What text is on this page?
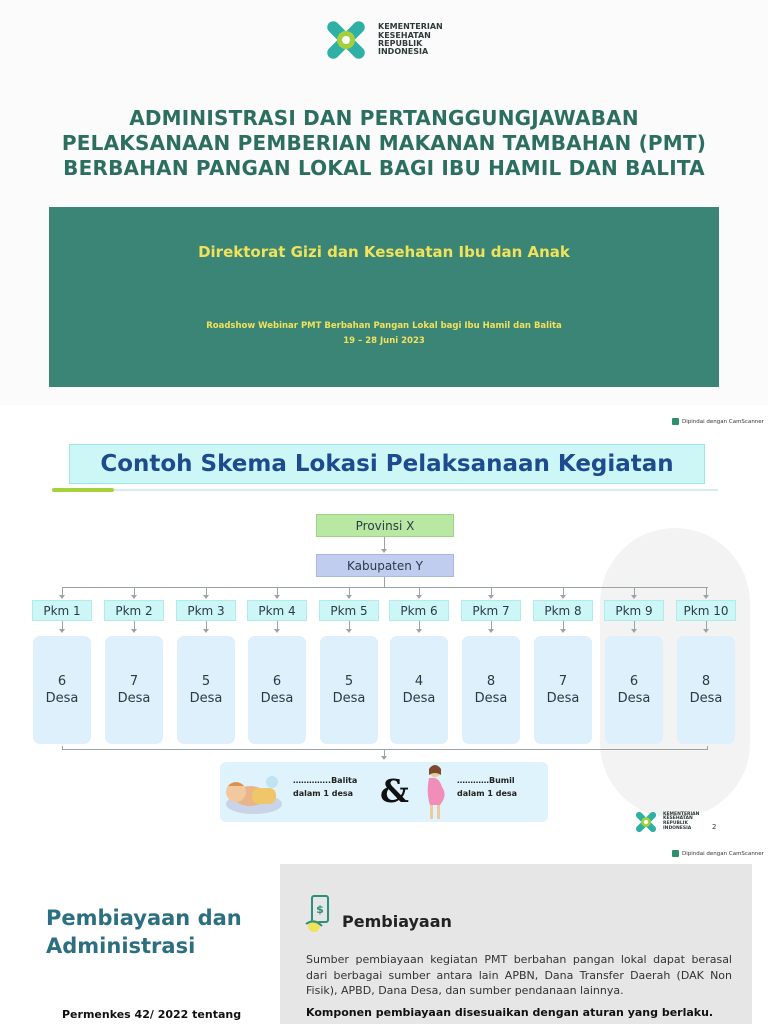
KEMENTERIAN
KESEHATAN
REPUBLIK
INDONESIA
ADMINISTRASI DAN PERTANGGUNGJAWABAN
PELAKSANAAN PEMBERIAN MAKANAN TAMBAHAN (PMT)
BERBAHAN PANGAN LOKAL BAGI IBU HAMIL DAN BALITA
Direktorat Gizi dan Kesehatan Ibu dan Anak
Roadshow Webinar PMT Berbahan Pangan Lokal bagi Ibu Hamil dan Balita
19 – 28 Juni 2023
Dipindai dengan CamScanner
Contoh Skema Lokasi Pelaksanaan Kegiatan
Provinsi X
Kabupaten Y
Pkm 1
6
Desa
Pkm 2
7
Desa
Pkm 3
5
Desa
Pkm 4
6
Desa
Pkm 5
5
Desa
Pkm 6
4
Desa
Pkm 7
8
Desa
Pkm 8
7
Desa
Pkm 9
6
Desa
Pkm 10
8
Desa
…………..Balita
dalam 1 desa &	…………Bumil
dalam 1 desa
KEMENTERIAN
KESEHATAN
REPUBLIK
INDONESIA	2
Dipindai dengan CamScanner
Pembiayaan dan
Administrasi
Permenkes 42/ 2022 tentang
$
Pembiayaan
Sumber pembiayaan kegiatan PMT berbahan pangan lokal dapat berasal dari berbagai sumber antara lain APBN, Dana Transfer Daerah (DAK Non Fisik), APBD, Dana Desa, dan sumber pendanaan lainnya.
Komponen pembiayaan disesuaikan dengan aturan yang berlaku.
